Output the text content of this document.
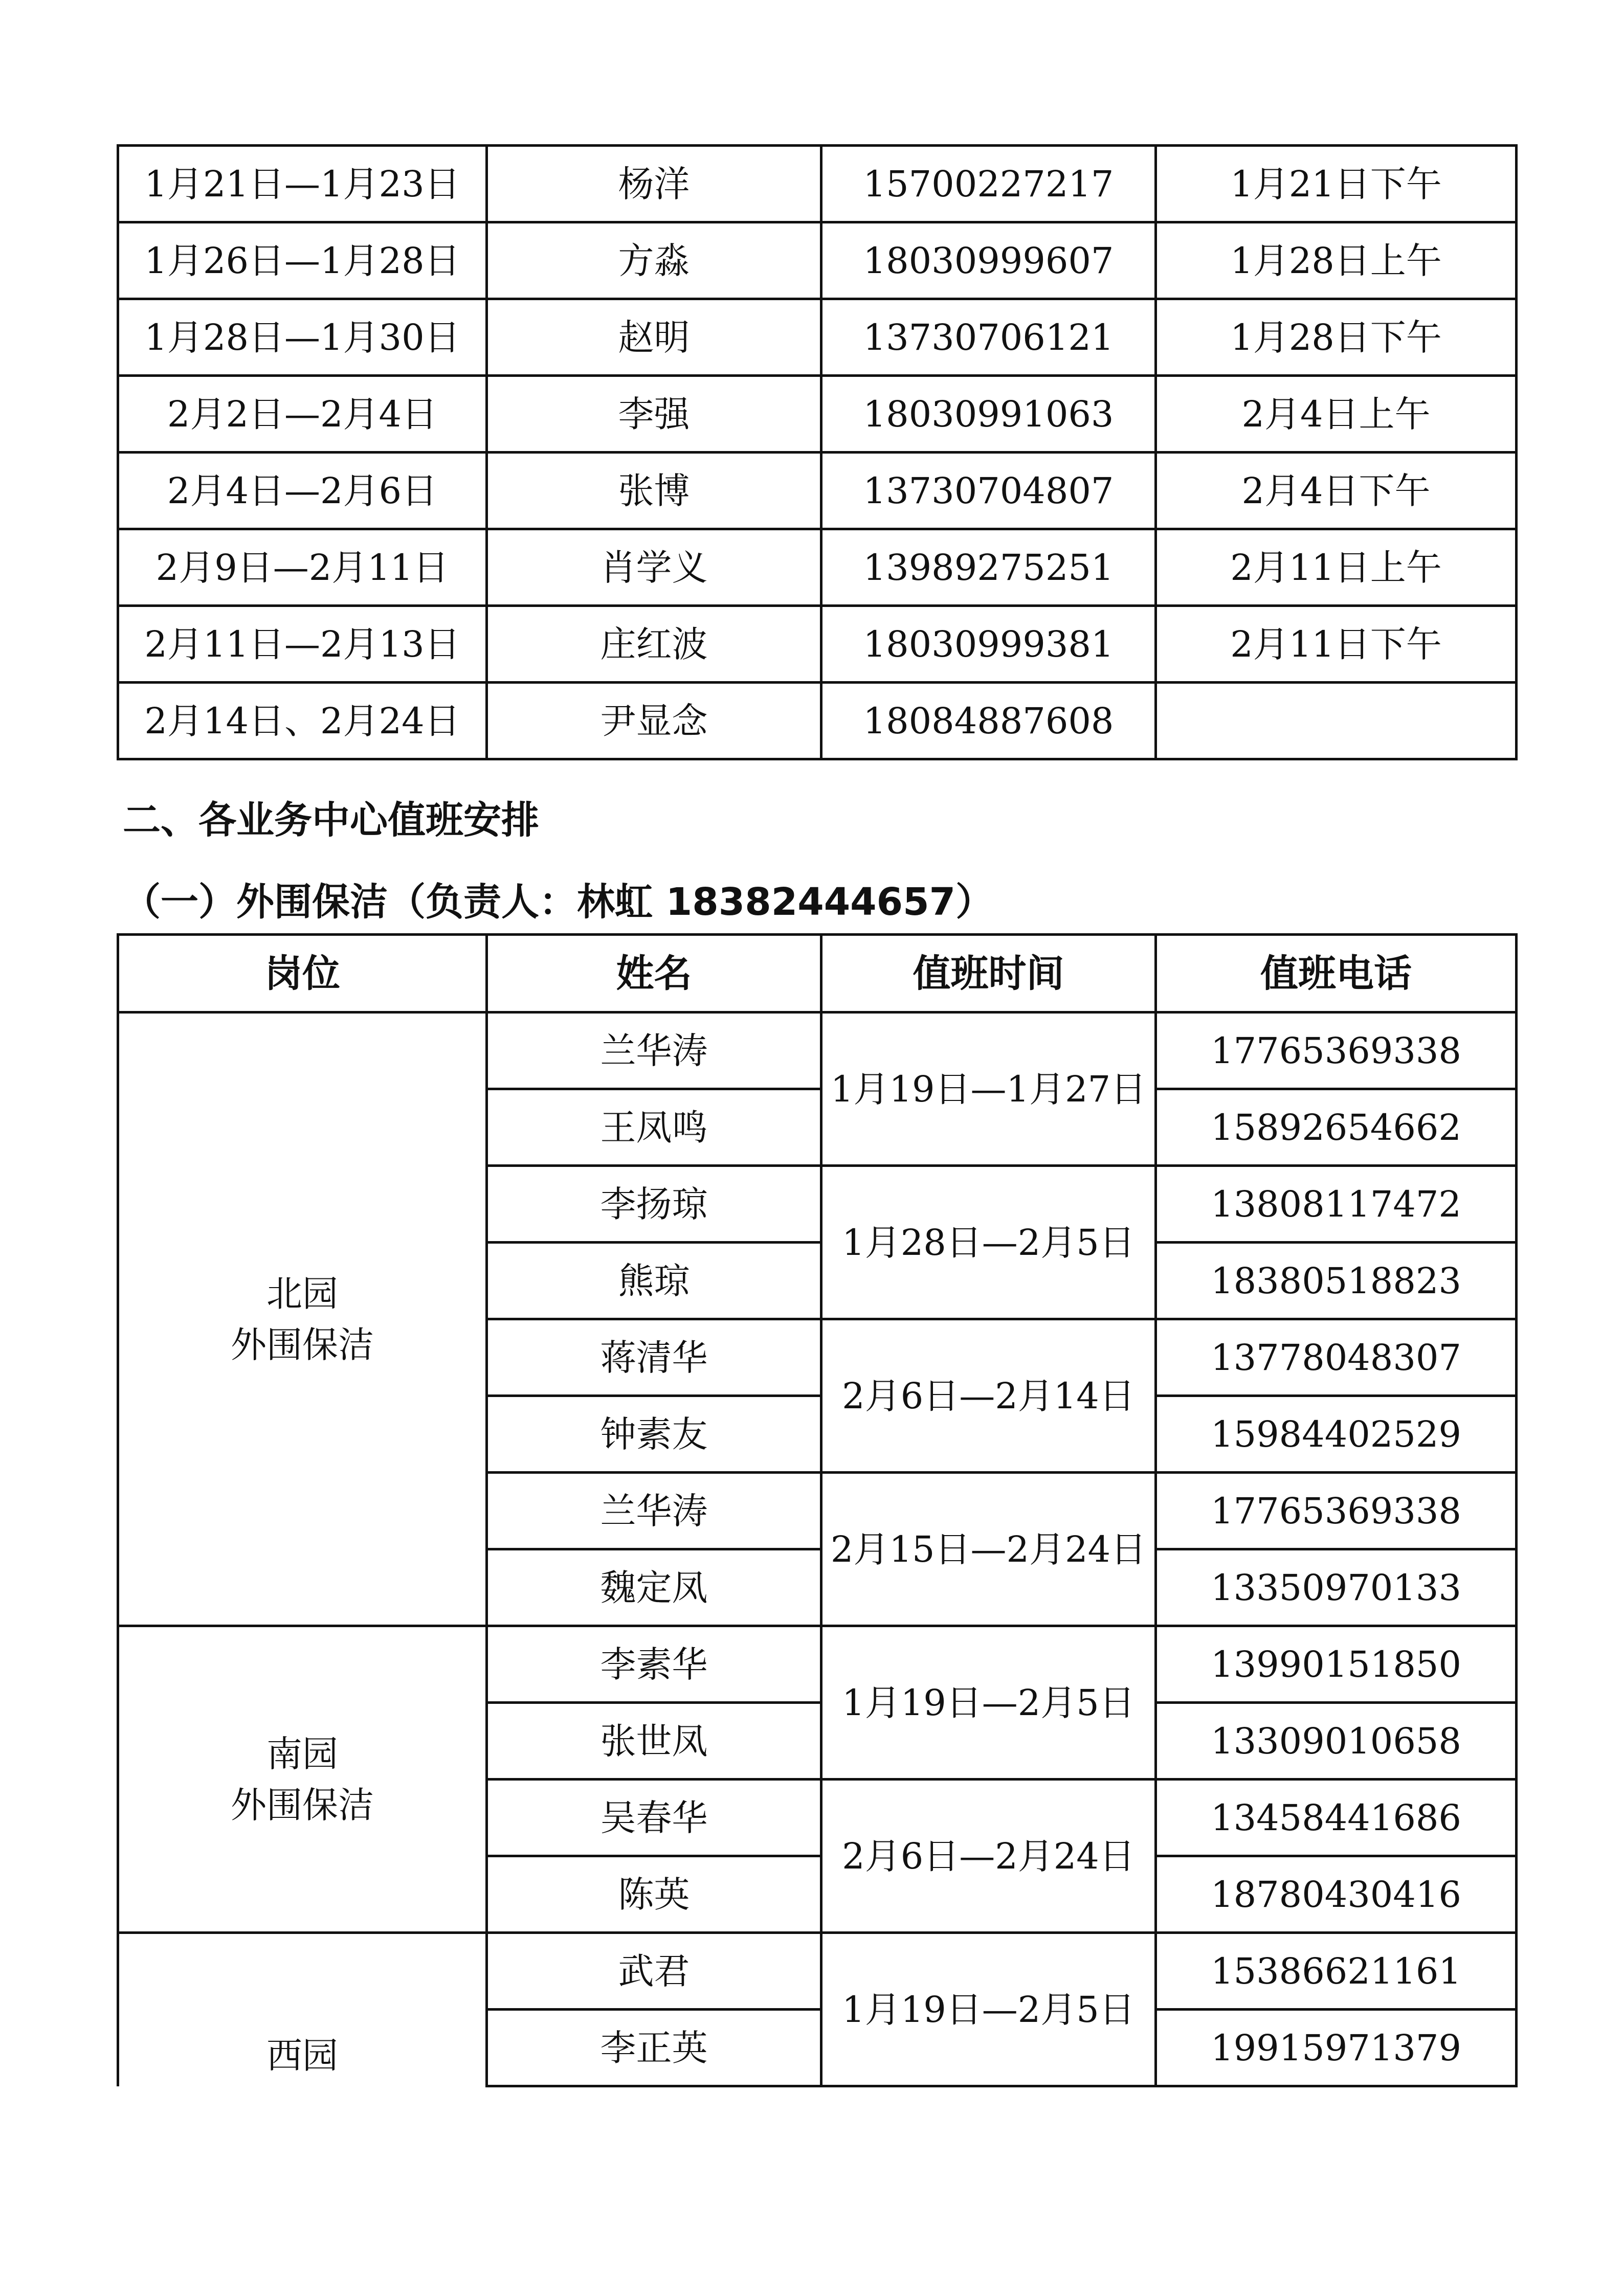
1月21日—1月23日	杨洋	15700227217	1月21日下午
1月26日—1月28日	方淼	18030999607	1月28日上午
1月28日—1月30日	赵明	13730706121	1月28日下午
2月2日—2月4日	李强	18030991063	2月4日上午
2月4日—2月6日	张博	13730704807	2月4日下午
2月9日—2月11日	肖学义	13989275251	2月11日上午
2月11日—2月13日	庄红波	18030999381	2月11日下午
2月14日、2月24日	尹显念	18084887608	
二、各业务中心值班安排
（一）外围保洁（负责人：林虹 18382444657）
岗位	姓名	值班时间	值班电话

北园
外围保洁	兰华涛	1月19日—1月27日	17765369338
	王凤鸣		15892654662
	李扬琼	1月28日—2月5日	13808117472
	熊琼		18380518823
	蒋清华	2月6日—2月14日	13778048307
	钟素友		15984402529
	兰华涛	2月15日—2月24日	17765369338
	魏定凤		13350970133

南园
外围保洁	李素华	1月19日—2月5日	13990151850
	张世凤		13309010658
	吴春华	2月6日—2月24日	13458441686
	陈英		18780430416

西园	武君	1月19日—2月5日	15386621161
	李正英		19915971379
